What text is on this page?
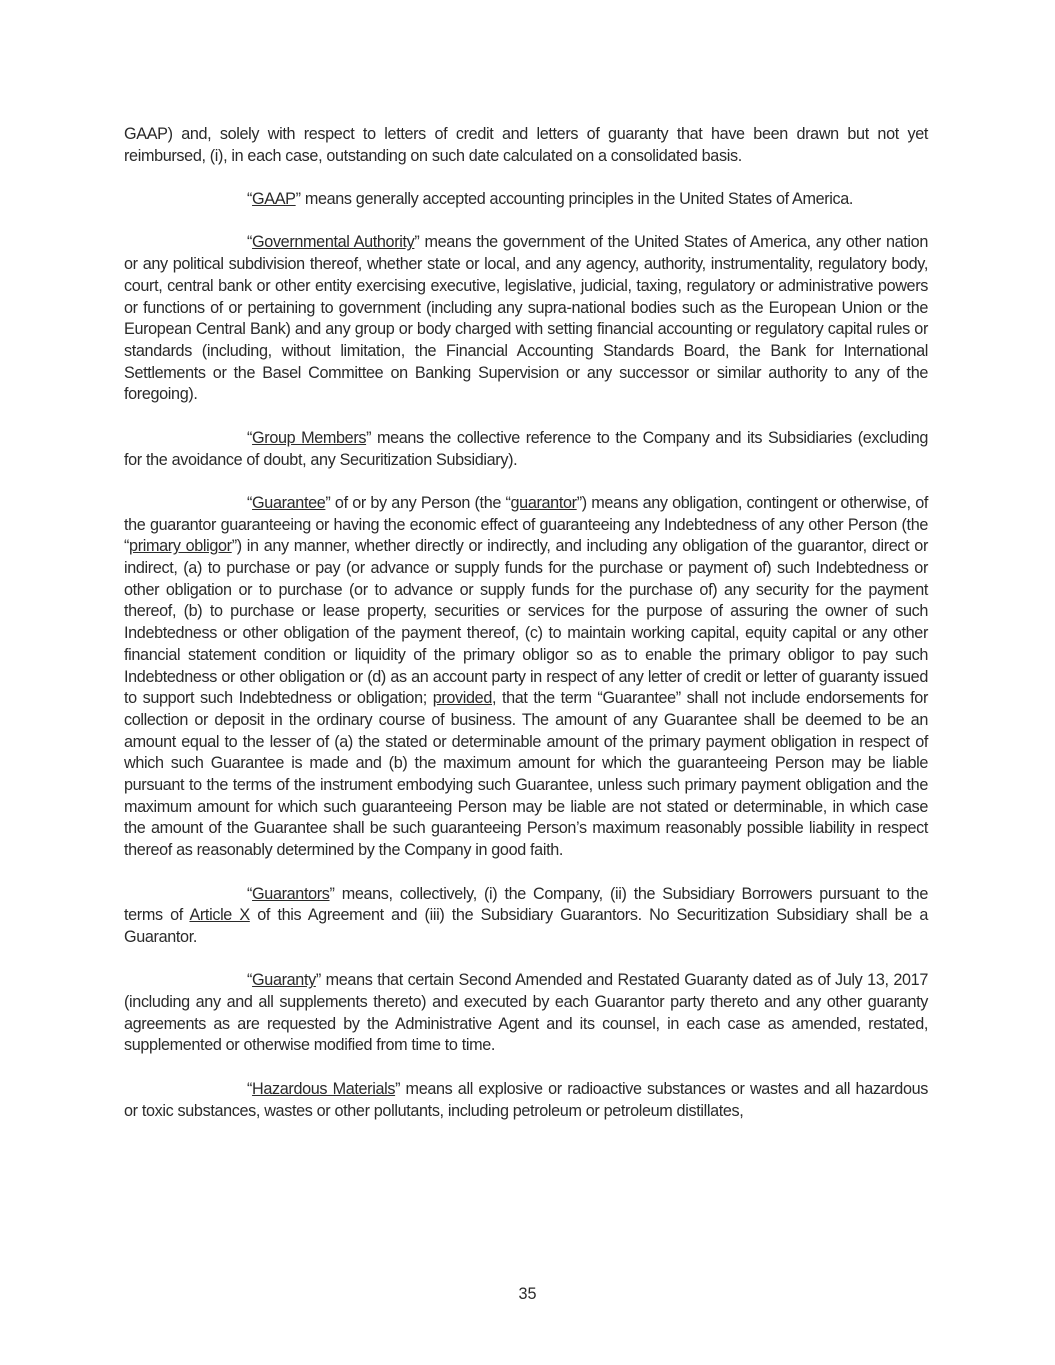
GAAP) and, solely with respect to letters of credit and letters of guaranty that have been drawn but not yet reimbursed, (i), in each case, outstanding on such date calculated on a consolidated basis.

“GAAP” means generally accepted accounting principles in the United States of America.

“Governmental Authority” means the government of the United States of America, any other nation or any political subdivision thereof, whether state or local, and any agency, authority, instrumentality, regulatory body, court, central bank or other entity exercising executive, legislative, judicial, taxing, regulatory or administrative powers or functions of or pertaining to government (including any supra-national bodies such as the European Union or the European Central Bank) and any group or body charged with setting financial accounting or regulatory capital rules or standards (including, without limitation, the Financial Accounting Standards Board, the Bank for International Settlements or the Basel Committee on Banking Supervision or any successor or similar authority to any of the foregoing).

“Group Members” means the collective reference to the Company and its Subsidiaries (excluding for the avoidance of doubt, any Securitization Subsidiary).

“Guarantee” of or by any Person (the “guarantor”) means any obligation, contingent or otherwise, of the guarantor guaranteeing or having the economic effect of guaranteeing any Indebtedness of any other Person (the “primary obligor”) in any manner, whether directly or indirectly, and including any obligation of the guarantor, direct or indirect, (a) to purchase or pay (or advance or supply funds for the purchase or payment of) such Indebtedness or other obligation or to purchase (or to advance or supply funds for the purchase of) any security for the payment thereof, (b) to purchase or lease property, securities or services for the purpose of assuring the owner of such Indebtedness or other obligation of the payment thereof, (c) to maintain working capital, equity capital or any other financial statement condition or liquidity of the primary obligor so as to enable the primary obligor to pay such Indebtedness or other obligation or (d) as an account party in respect of any letter of credit or letter of guaranty issued to support such Indebtedness or obligation; provided, that the term “Guarantee” shall not include endorsements for collection or deposit in the ordinary course of business. The amount of any Guarantee shall be deemed to be an amount equal to the lesser of (a) the stated or determinable amount of the primary payment obligation in respect of which such Guarantee is made and (b) the maximum amount for which the guaranteeing Person may be liable pursuant to the terms of the instrument embodying such Guarantee, unless such primary payment obligation and the maximum amount for which such guaranteeing Person may be liable are not stated or determinable, in which case the amount of the Guarantee shall be such guaranteeing Person’s maximum reasonably possible liability in respect thereof as reasonably determined by the Company in good faith.

“Guarantors” means, collectively, (i) the Company, (ii) the Subsidiary Borrowers pursuant to the terms of Article X of this Agreement and (iii) the Subsidiary Guarantors. No Securitization Subsidiary shall be a Guarantor.

“Guaranty” means that certain Second Amended and Restated Guaranty dated as of July 13, 2017 (including any and all supplements thereto) and executed by each Guarantor party thereto and any other guaranty agreements as are requested by the Administrative Agent and its counsel, in each case as amended, restated, supplemented or otherwise modified from time to time.

“Hazardous Materials” means all explosive or radioactive substances or wastes and all hazardous or toxic substances, wastes or other pollutants, including petroleum or petroleum distillates,

35
